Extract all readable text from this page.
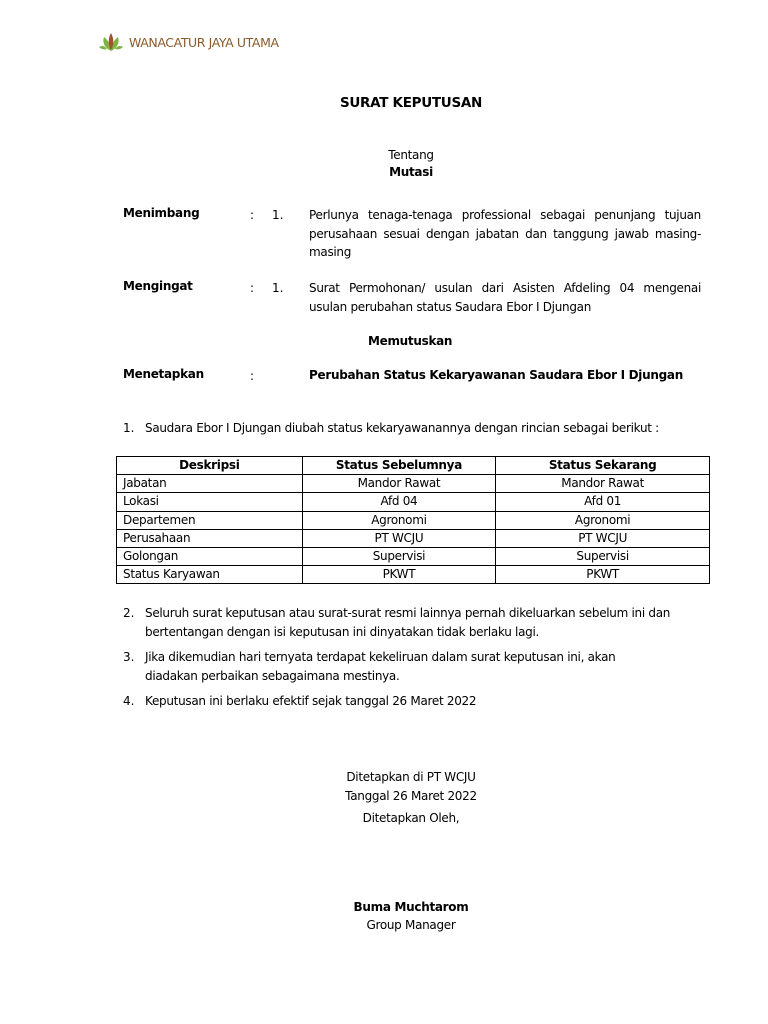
WANACATUR JAYA UTAMA
SURAT KEPUTUSAN
Tentang
Mutasi
Menimbang	: 1. Perlunya tenaga-tenaga professional sebagai penunjang tujuan perusahaan sesuai dengan jabatan dan tanggung jawab masing-masing
Mengingat	: 1. Surat Permohonan/ usulan dari Asisten Afdeling 04 mengenai usulan perubahan status Saudara Ebor I Djungan
Memutuskan
Menetapkan	:	Perubahan Status Kekaryawanan Saudara Ebor I Djungan
1. Saudara Ebor I Djungan diubah status kekaryawanannya dengan rincian sebagai berikut :
Deskripsi	Status Sebelumnya	Status Sekarang
Jabatan	Mandor Rawat	Mandor Rawat
Lokasi	Afd 04	Afd 01
Departemen	Agronomi	Agronomi
Perusahaan	PT WCJU	PT WCJU
Golongan	Supervisi	Supervisi
Status Karyawan	PKWT	PKWT
2. Seluruh surat keputusan atau surat-surat resmi lainnya pernah dikeluarkan sebelum ini dan bertentangan dengan isi keputusan ini dinyatakan tidak berlaku lagi.
3. Jika dikemudian hari ternyata terdapat kekeliruan dalam surat keputusan ini, akan diadakan perbaikan sebagaimana mestinya.
4. Keputusan ini berlaku efektif sejak tanggal 26 Maret 2022
Ditetapkan di PT WCJU
Tanggal 26 Maret 2022
Ditetapkan Oleh,
Buma Muchtarom
Group Manager
